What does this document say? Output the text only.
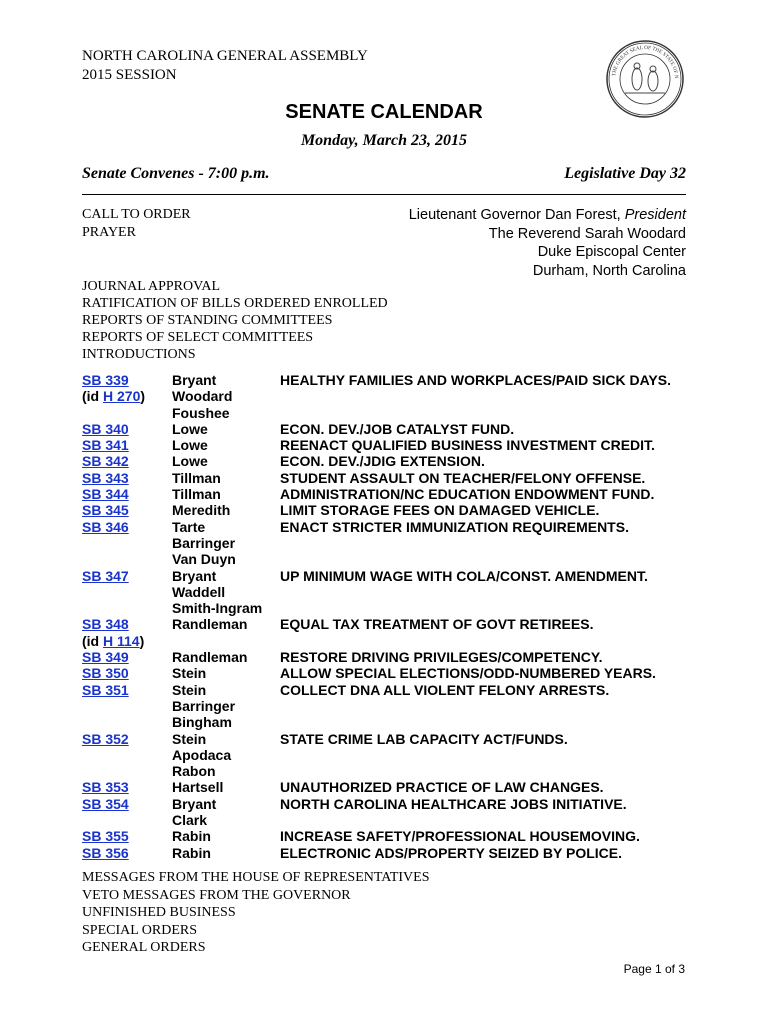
NORTH CAROLINA GENERAL ASSEMBLY
2015 SESSION	THE GREAT SEAL OF THE STATE OF N
SENATE CALENDAR
Monday, March 23, 2015
Senate Convenes - 7:00 p.m.	Legislative Day 32
CALL TO ORDER
PRAYER
Lieutenant Governor Dan Forest, President
The Reverend Sarah Woodard
Duke Episcopal Center
Durham, North Carolina
JOURNAL APPROVAL
RATIFICATION OF BILLS ORDERED ENROLLED
REPORTS OF STANDING COMMITTEES
REPORTS OF SELECT COMMITTEES
INTRODUCTIONS
SB 339	Bryant	HEALTHY FAMILIES AND WORKPLACES/PAID SICK DAYS.
(id H 270)	Woodard
Foushee
SB 340	Lowe	ECON. DEV./JOB CATALYST FUND.
SB 341	Lowe	REENACT QUALIFIED BUSINESS INVESTMENT CREDIT.
SB 342	Lowe	ECON. DEV./JDIG EXTENSION.
SB 343	Tillman	STUDENT ASSAULT ON TEACHER/FELONY OFFENSE.
SB 344	Tillman	ADMINISTRATION/NC EDUCATION ENDOWMENT FUND.
SB 345	Meredith	LIMIT STORAGE FEES ON DAMAGED VEHICLE.
SB 346	Tarte	ENACT STRICTER IMMUNIZATION REQUIREMENTS.
Barringer
Van Duyn
SB 347	Bryant	UP MINIMUM WAGE WITH COLA/CONST. AMENDMENT.
Waddell
Smith-Ingram
SB 348	Randleman	EQUAL TAX TREATMENT OF GOVT RETIREES.
(id H 114)
SB 349	Randleman	RESTORE DRIVING PRIVILEGES/COMPETENCY.
SB 350	Stein	ALLOW SPECIAL ELECTIONS/ODD-NUMBERED YEARS.
SB 351	Stein	COLLECT DNA ALL VIOLENT FELONY ARRESTS.
Barringer
Bingham
SB 352	Stein	STATE CRIME LAB CAPACITY ACT/FUNDS.
Apodaca
Rabon
SB 353	Hartsell	UNAUTHORIZED PRACTICE OF LAW CHANGES.
SB 354	Bryant	NORTH CAROLINA HEALTHCARE JOBS INITIATIVE.
Clark
SB 355	Rabin	INCREASE SAFETY/PROFESSIONAL HOUSEMOVING.
SB 356	Rabin	ELECTRONIC ADS/PROPERTY SEIZED BY POLICE.
MESSAGES FROM THE HOUSE OF REPRESENTATIVES
VETO MESSAGES FROM THE GOVERNOR
UNFINISHED BUSINESS
SPECIAL ORDERS
GENERAL ORDERS
Page 1 of 3
